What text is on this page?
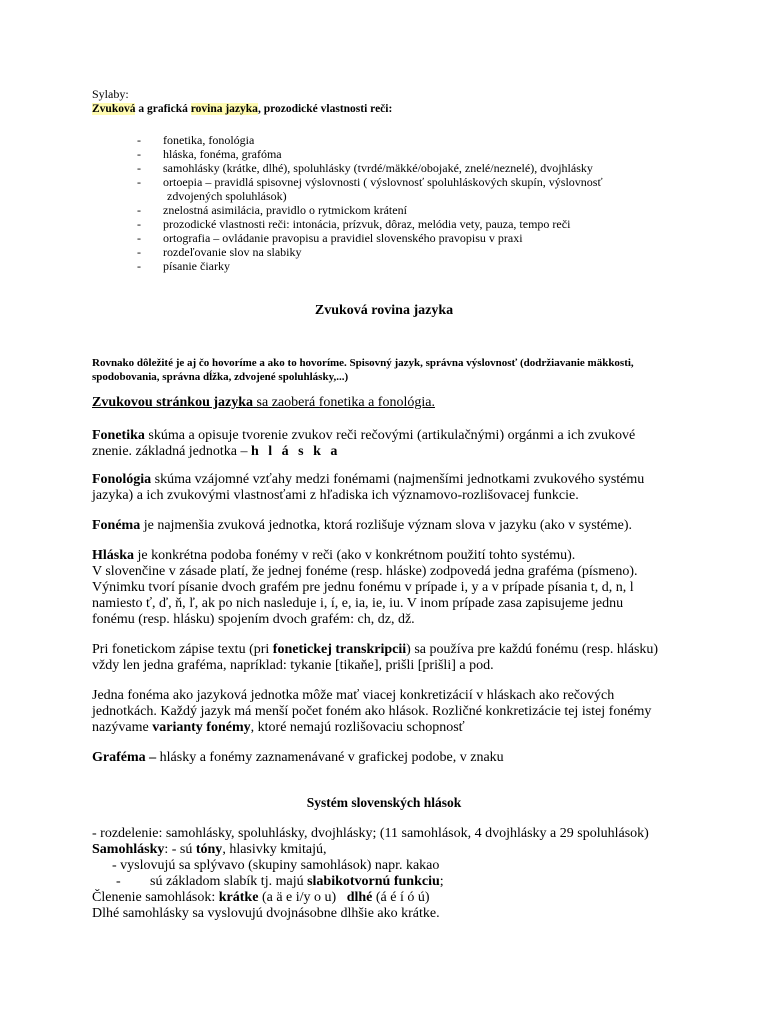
Sylaby:
Zvuková a grafická rovina jazyka, prozodické vlastnosti reči:
- fonetika, fonológia
- hláska, fonéma, grafóma
- samohlásky (krátke, dlhé), spoluhlásky (tvrdé/mäkké/obojaké, znelé/neznelé), dvojhlásky
- ortoepia – pravidlá spisovnej výslovnosti ( výslovnosť spoluhláskových skupín, výslovnosť
zdvojených spoluhlások)
- znelostná asimilácia, pravidlo o rytmickom krátení
- prozodické vlastnosti reči: intonácia, prízvuk, dôraz, melódia vety, pauza, tempo reči
- ortografia – ovládanie pravopisu a pravidiel slovenského pravopisu v praxi
- rozdeľovanie slov na slabiky
- písanie čiarky
Zvuková rovina jazyka
Rovnako dôležité je aj čo hovoríme a ako to hovoríme. Spisovný jazyk, správna výslovnosť (dodržiavanie mäkkosti,
spodobovania, správna dĺžka, zdvojené spoluhlásky,...)
Zvukovou stránkou jazyka sa zaoberá fonetika a fonológia.
Fonetika skúma a opisuje tvorenie zvukov reči rečovými (artikulačnými) orgánmi a ich zvukové
znenie. základná jednotka – h l á s k a
Fonológia skúma vzájomné vzťahy medzi fonémami (najmenšími jednotkami zvukového systému
jazyka) a ich zvukovými vlastnosťami z hľadiska ich významovo-rozlišovacej funkcie.
Fonéma je najmenšia zvuková jednotka, ktorá rozlišuje význam slova v jazyku (ako v systéme).
Hláska je konkrétna podoba fonémy v reči (ako v konkrétnom použití tohto systému).
V slovenčine v zásade platí, že jednej fonéme (resp. hláske) zodpovedá jedna grafémа (písmeno).
Výnimku tvorí písanie dvoch grafém pre jednu fonému v prípade i, y a v prípade písania t, d, n, l
namiesto ť, ď, ň, ľ, ak po nich nasleduje i, í, e, ia, ie, iu. V inom prípade zasa zapisujeme jednu
fonému (resp. hlásku) spojením dvoch grafém: ch, dz, dž.
Pri fonetickom zápise textu (pri fonetickej transkripcii) sa používa pre každú fonému (resp. hlásku)
vždy len jedna grafémа, napríklad: tykanie [tikaňe], prišli [prišli] a pod.
Jedna fonéma ako jazyková jednotka môže mať viacej konkretizácií v hláskach ako rečových
jednotkách. Každý jazyk má menší počet foném ako hlások. Rozličné konkretizácie tej istej fonémy
nazývame varianty fonémy, ktoré nemajú rozlišovaciu schopnosť
Grafémа – hlásky a fonémy zaznamenávané v grafickej podobe, v znaku
Systém slovenských hlások
- rozdelenie: samohlásky, spoluhlásky, dvojhlásky; (11 samohlások, 4 dvojhlásky a 29 spoluhlások)
Samohlásky: - sú tóny, hlasivky kmitajú,
- vyslovujú sa splývavo (skupiny samohlások) napr. kakao
- sú základom slabík tj. majú slabikotvornú funkciu;
Členenie samohlások: krátke (a ä e i/y o u)   dlhé (á é í ó ú)
Dlhé samohlásky sa vyslovujú dvojnásobne dlhšie ako krátke.
